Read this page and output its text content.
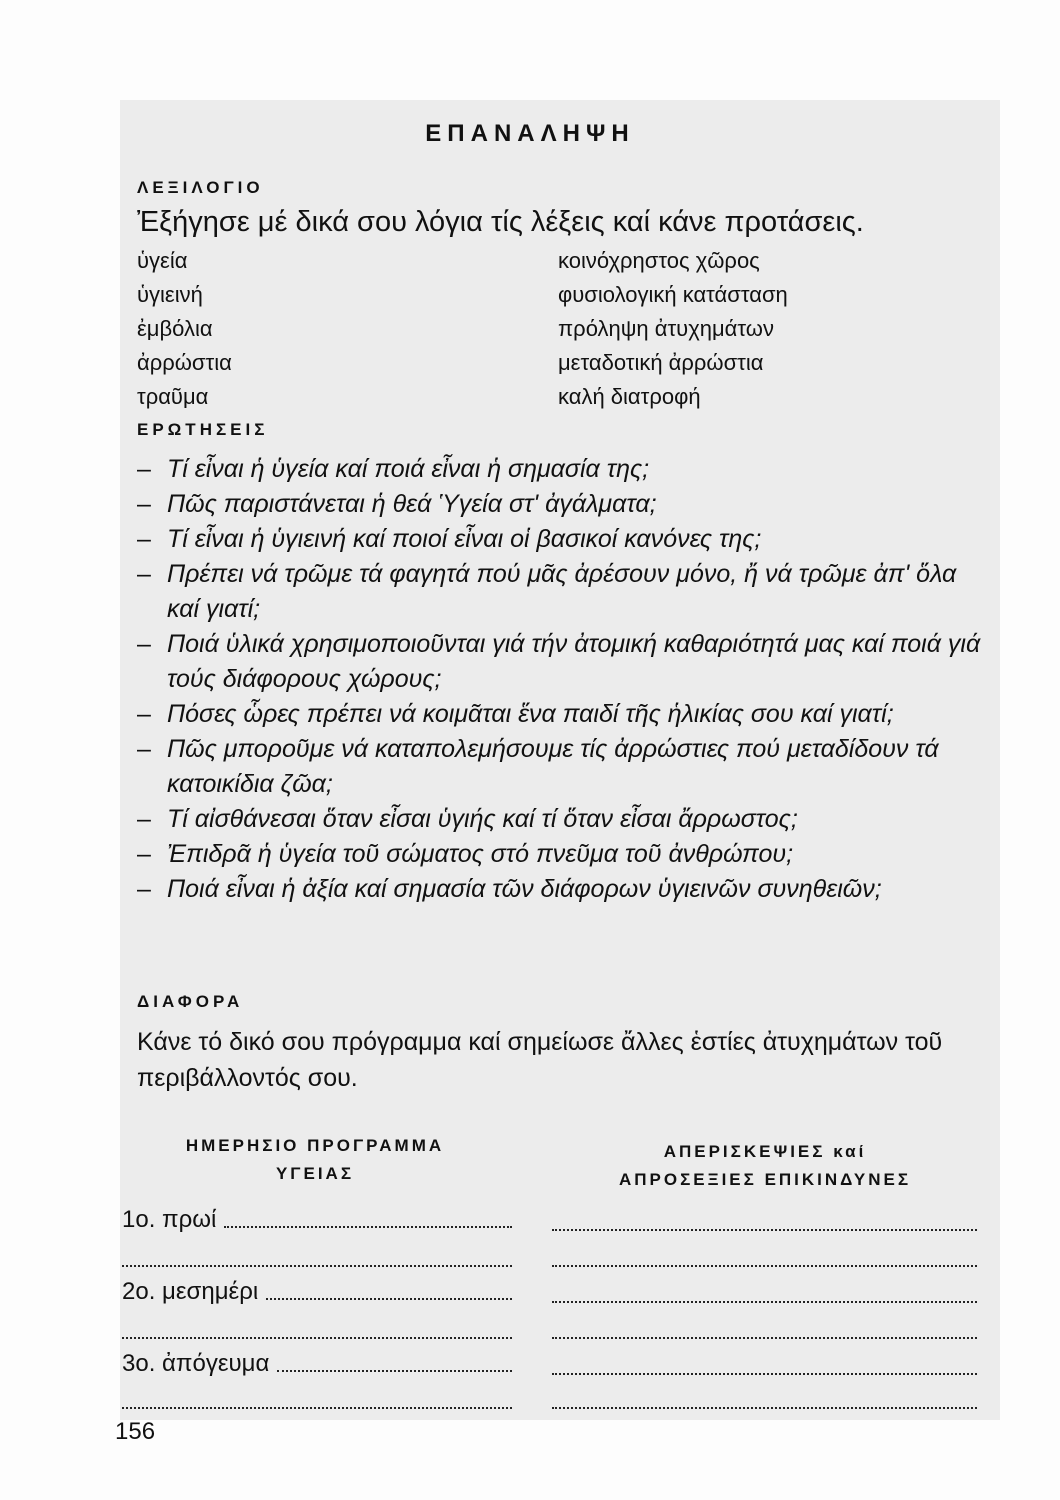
ΕΠΑΝΑΛΗΨΗ
ΛΕΞΙΛΟΓΙΟ
Ἐξήγησε μέ δικά σου λόγια τίς λέξεις καί κάνε προτάσεις.
ὑγεία
ὑγιεινή
ἐμβόλια
ἀρρώστια
τραῦμα
κοινόχρηστος χῶρος
φυσιολογική κατάσταση
πρόληψη ἀτυχημάτων
μεταδοτική ἀρρώστια
καλή διατροφή
ΕΡΩΤΗΣΕΙΣ
– Τί εἶναι ἡ ὑγεία καί ποιά εἶναι ἡ σημασία της;
– Πῶς παριστάνεται ἡ θεά Ὑγεία στ' ἀγάλματα;
– Τί εἶναι ἡ ὑγιεινή καί ποιοί εἶναι οἱ βασικοί κανόνες της;
– Πρέπει νά τρῶμε τά φαγητά πού μᾶς ἀρέσουν μόνο, ἤ νά τρῶμε ἀπ' ὅλα καί γιατί;
– Ποιά ὑλικά χρησιμοποιοῦνται γιά τήν ἀτομική καθαριότητά μας καί ποιά γιά τούς διάφορους χώρους;
– Πόσες ὧρες πρέπει νά κοιμᾶται ἕνα παιδί τῆς ἡλικίας σου καί γιατί;
– Πῶς μποροῦμε νά καταπολεμήσουμε τίς ἀρρώστιες πού μεταδίδουν τά κατοικίδια ζῶα;
– Τί αἰσθάνεσαι ὅταν εἶσαι ὑγιής καί τί ὅταν εἶσαι ἄρρωστος;
– Ἐπιδρᾶ ἡ ὑγεία τοῦ σώματος στό πνεῦμα τοῦ ἀνθρώπου;
– Ποιά εἶναι ἡ ἀξία καί σημασία τῶν διάφορων ὑγιεινῶν συνηθειῶν;
ΔΙΑΦΟΡΑ
Κάνε τό δικό σου πρόγραμμα καί σημείωσε ἄλλες ἑστίες ἀτυχημάτων τοῦ περιβάλλοντός σου.
ΗΜΕΡΗΣΙΟ ΠΡΟΓΡΑΜΜΑ
ΥΓΕΙΑΣ
ΑΠΕΡΙΣΚΕΨΙΕΣ καί
ΑΠΡΟΣΕΞΙΕΣ ΕΠΙΚΙΝΔΥΝΕΣ
1ο. πρωί
2ο. μεσημέρι
3ο. ἀπόγευμα
156
